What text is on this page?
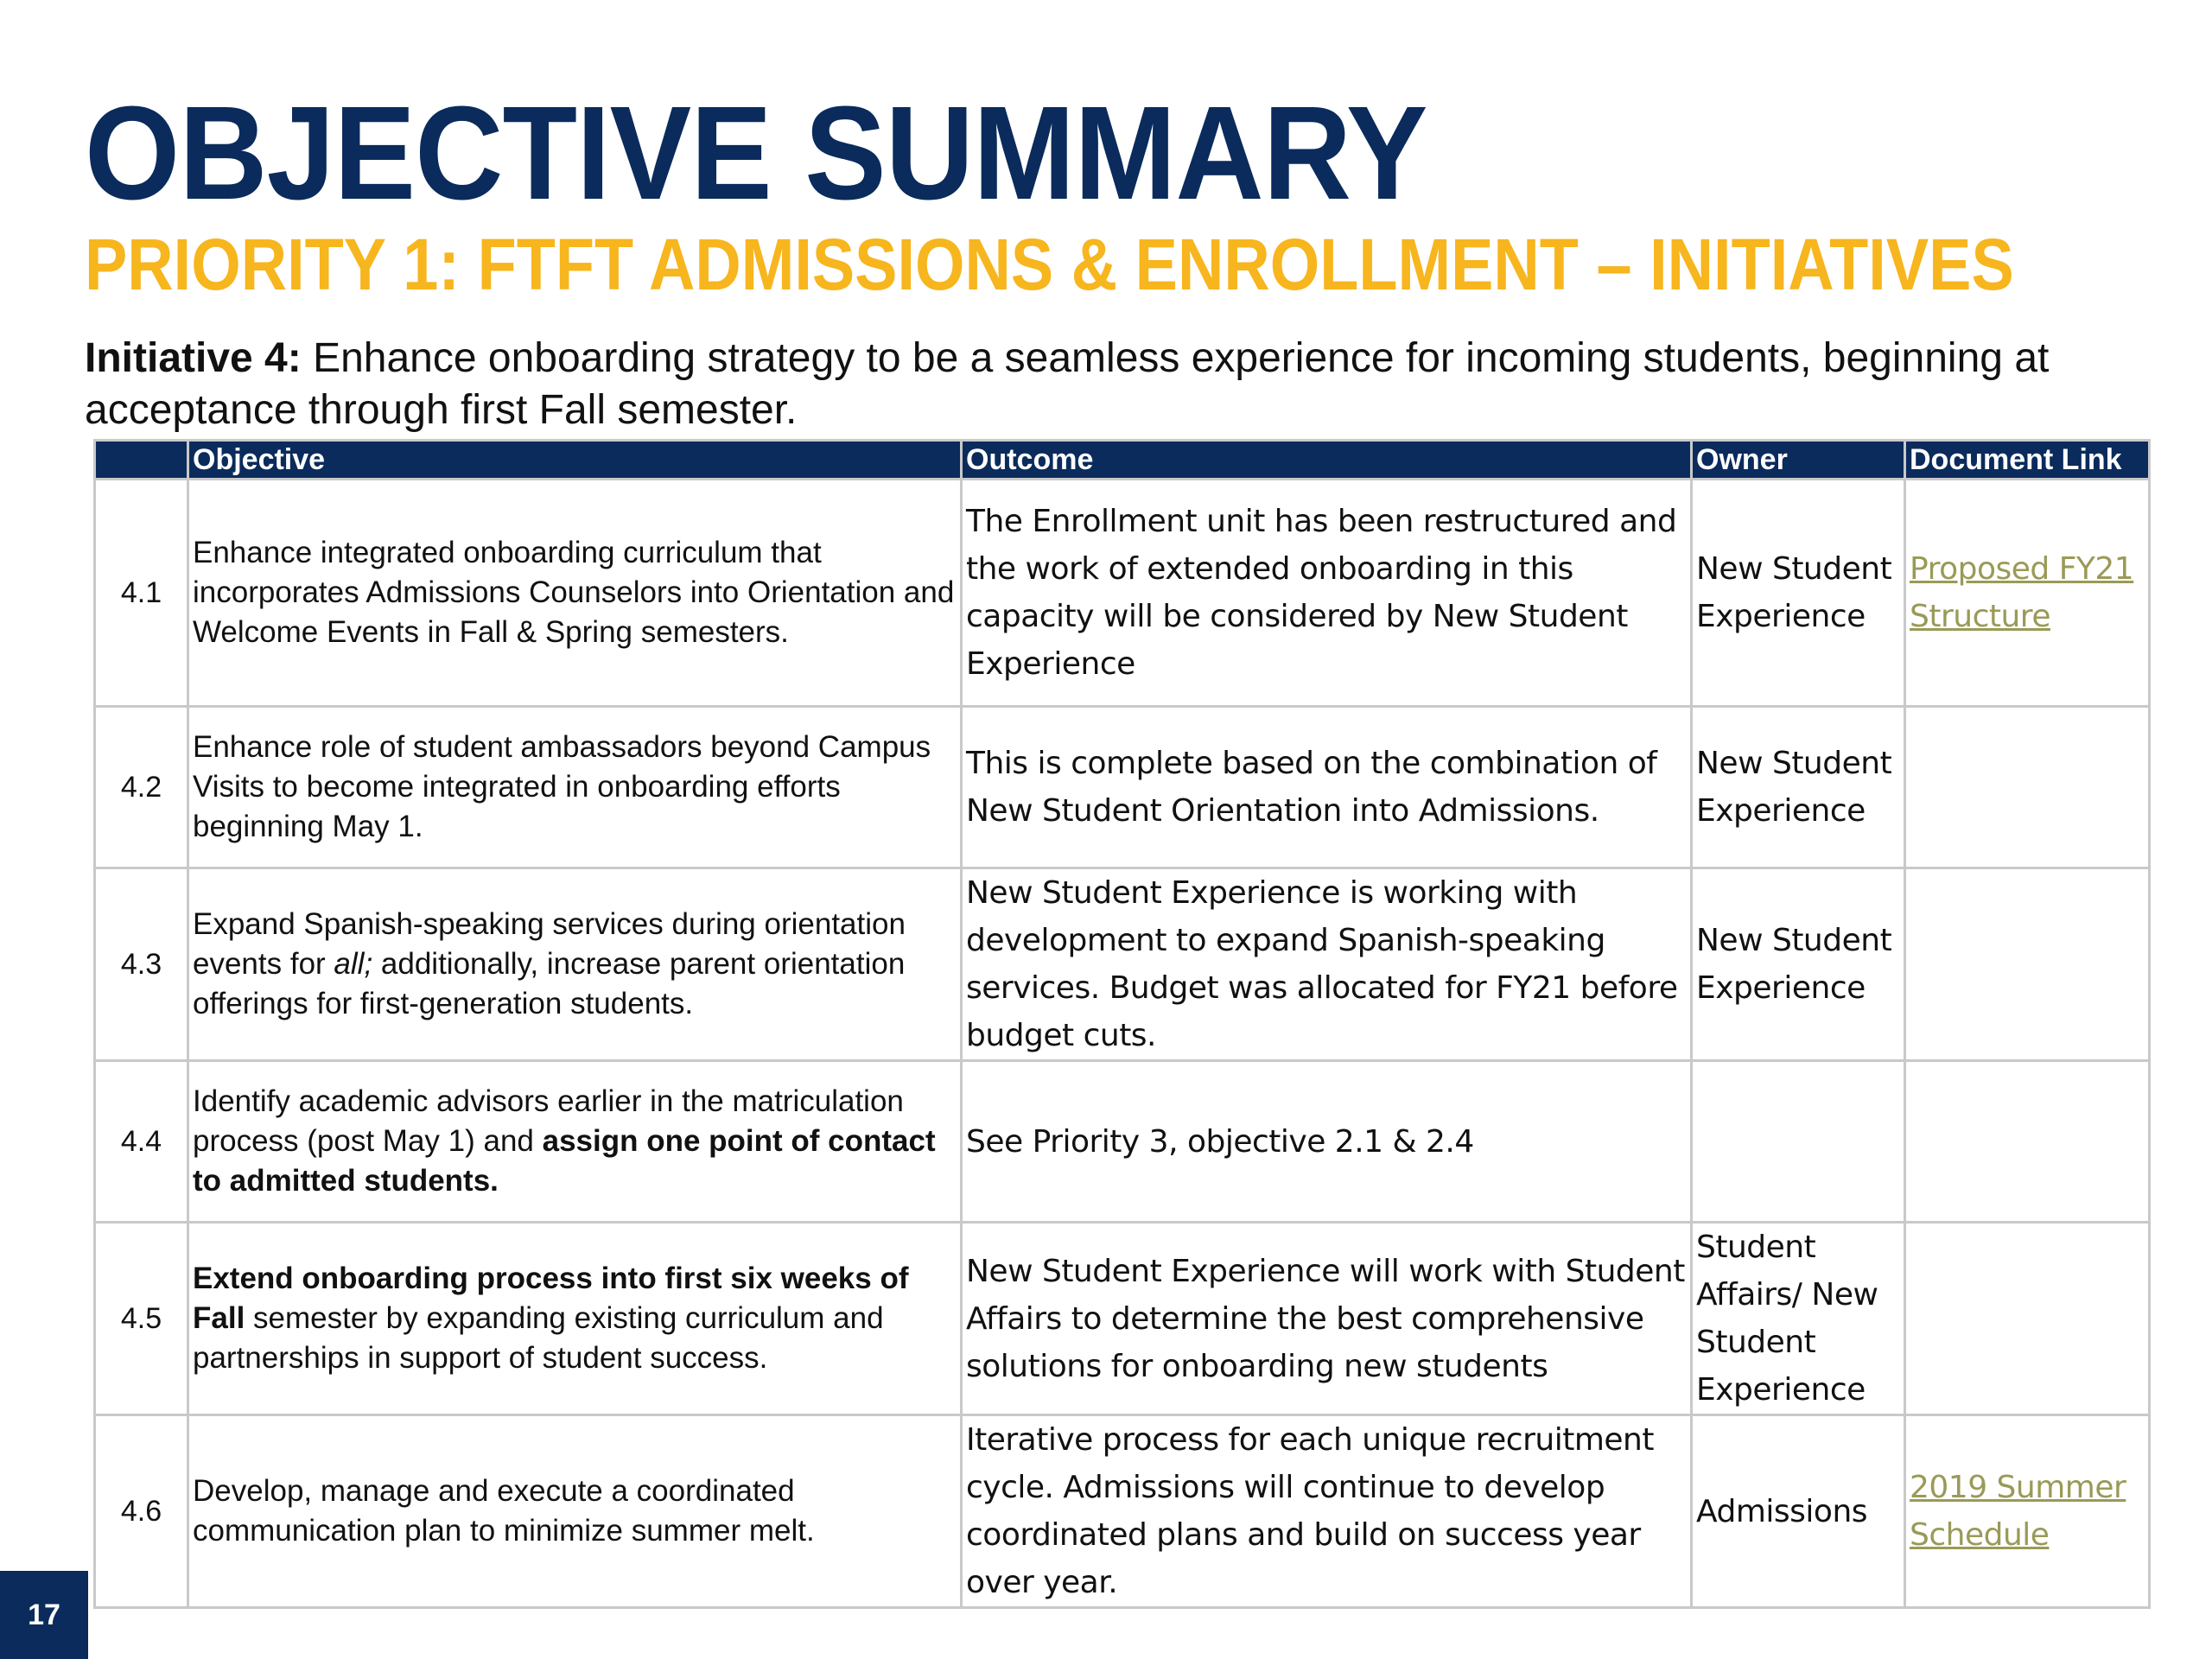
OBJECTIVE SUMMARY
PRIORITY 1: FTFT ADMISSIONS & ENROLLMENT – INITIATIVES
Initiative 4: Enhance onboarding strategy to be a seamless experience for incoming students, beginning at acceptance through first Fall semester.
	Objective	Outcome	Owner	Document Link
4.1	Enhance integrated onboarding curriculum that incorporates Admissions Counselors into Orientation and Welcome Events in Fall & Spring semesters.	The Enrollment unit has been restructured and the work of extended onboarding in this capacity will be considered by New Student Experience	New Student Experience	Proposed FY21 Structure
4.2	Enhance role of student ambassadors beyond Campus Visits to become integrated in onboarding efforts beginning May 1.	This is complete based on the combination of New Student Orientation into Admissions.	New Student Experience	
4.3	Expand Spanish-speaking services during orientation events for all; additionally, increase parent orientation offerings for first-generation students.	New Student Experience is working with development to expand Spanish-speaking services. Budget was allocated for FY21 before budget cuts.	New Student Experience	
4.4	Identify academic advisors earlier in the matriculation process (post May 1) and assign one point of contact to admitted students.	See Priority 3, objective 2.1 & 2.4		
4.5	Extend onboarding process into first six weeks of Fall semester by expanding existing curriculum and partnerships in support of student success.	New Student Experience will work with Student Affairs to determine the best comprehensive solutions for onboarding new students	Student Affairs/ New Student Experience	
4.6	Develop, manage and execute a coordinated communication plan to minimize summer melt.	Iterative process for each unique recruitment cycle. Admissions will continue to develop coordinated plans and build on success year over year.	Admissions	2019 Summer Schedule
17
